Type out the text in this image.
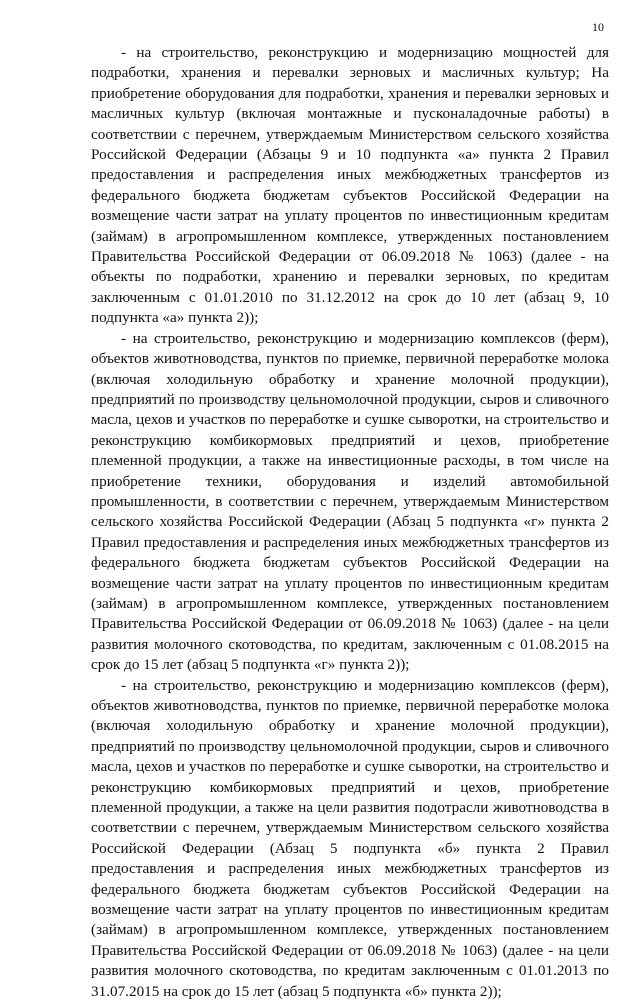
10

- на строительство, реконструкцию и модернизацию мощностей для подработки, хранения и перевалки зерновых и масличных культур; На приобретение оборудования для подработки, хранения и перевалки зерновых и масличных культур (включая монтажные и пусконаладочные работы) в соответствии с перечнем, утверждаемым Министерством сельского хозяйства Российской Федерации (Абзацы 9 и 10 подпункта «а» пункта 2 Правил предоставления и распределения иных межбюджетных трансфертов из федерального бюджета бюджетам субъектов Российской Федерации на возмещение части затрат на уплату процентов по инвестиционным кредитам (займам) в агропромышленном комплексе, утвержденных постановлением Правительства Российской Федерации от 06.09.2018 № 1063) (далее - на объекты по подработки, хранению и перевалки зерновых, по кредитам заключенным с 01.01.2010 по 31.12.2012 на срок до 10 лет (абзац 9, 10 подпункта «а» пункта 2));

- на строительство, реконструкцию и модернизацию комплексов (ферм), объектов животноводства, пунктов по приемке, первичной переработке молока (включая холодильную обработку и хранение молочной продукции), предприятий по производству цельномолочной продукции, сыров и сливочного масла, цехов и участков по переработке и сушке сыворотки, на строительство и реконструкцию комбикормовых предприятий и цехов, приобретение племенной продукции, а также на инвестиционные расходы, в том числе на приобретение техники, оборудования и изделий автомобильной промышленности, в соответствии с перечнем, утверждаемым Министерством сельского хозяйства Российской Федерации (Абзац 5 подпункта «г» пункта 2 Правил предоставления и распределения иных межбюджетных трансфертов из федерального бюджета бюджетам субъектов Российской Федерации на возмещение части затрат на уплату процентов по инвестиционным кредитам (займам) в агропромышленном комплексе, утвержденных постановлением Правительства Российской Федерации от 06.09.2018 № 1063) (далее - на цели развития молочного скотоводства, по кредитам, заключенным с 01.08.2015 на срок до 15 лет (абзац 5 подпункта «г» пункта 2));

- на строительство, реконструкцию и модернизацию комплексов (ферм), объектов животноводства, пунктов по приемке, первичной переработке молока (включая холодильную обработку и хранение молочной продукции), предприятий по производству цельномолочной продукции, сыров и сливочного масла, цехов и участков по переработке и сушке сыворотки, на строительство и реконструкцию комбикормовых предприятий и цехов, приобретение племенной продукции, а также на цели развития подотрасли животноводства в соответствии с перечнем, утверждаемым Министерством сельского хозяйства Российской Федерации (Абзац 5 подпункта «б» пункта 2 Правил предоставления и распределения иных межбюджетных трансфертов из федерального бюджета бюджетам субъектов Российской Федерации на возмещение части затрат на уплату процентов по инвестиционным кредитам (займам) в агропромышленном комплексе, утвержденных постановлением Правительства Российской Федерации от 06.09.2018 № 1063) (далее - на цели развития молочного скотоводства, по кредитам заключенным с 01.01.2013 по 31.07.2015 на срок до 15 лет (абзац 5 подпункта «б» пункта 2));
